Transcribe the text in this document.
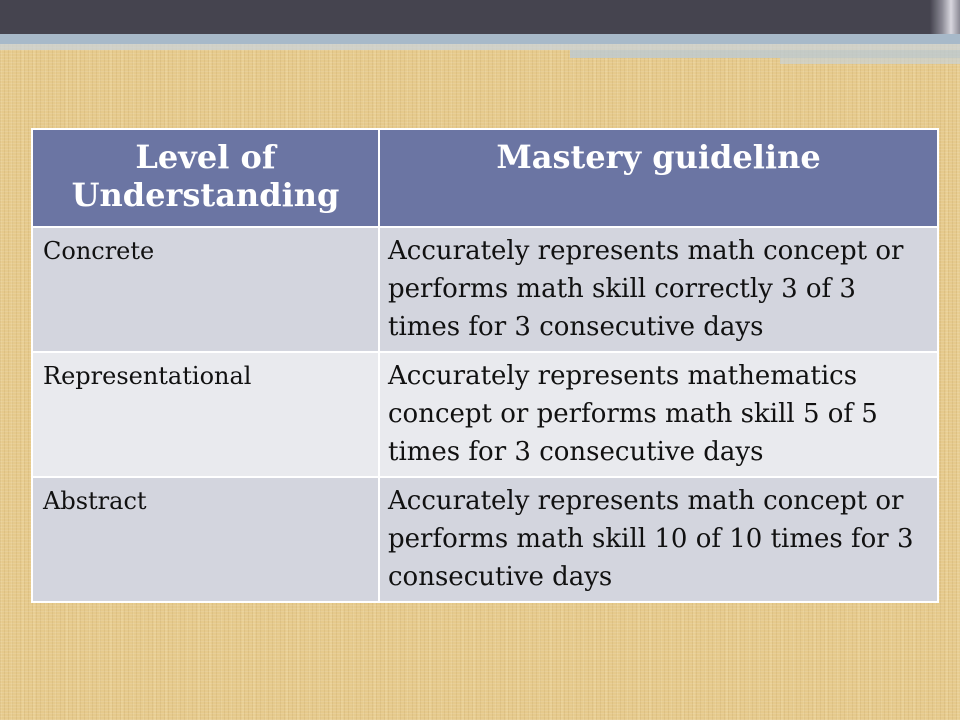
Level of Understanding	Mastery guideline
Concrete	Accurately represents math concept or performs math skill correctly 3 of 3 times for 3 consecutive days
Representational	Accurately represents mathematics concept or performs math skill 5 of 5 times for 3 consecutive days
Abstract	Accurately represents math concept or performs math skill 10 of 10 times for 3 consecutive days
